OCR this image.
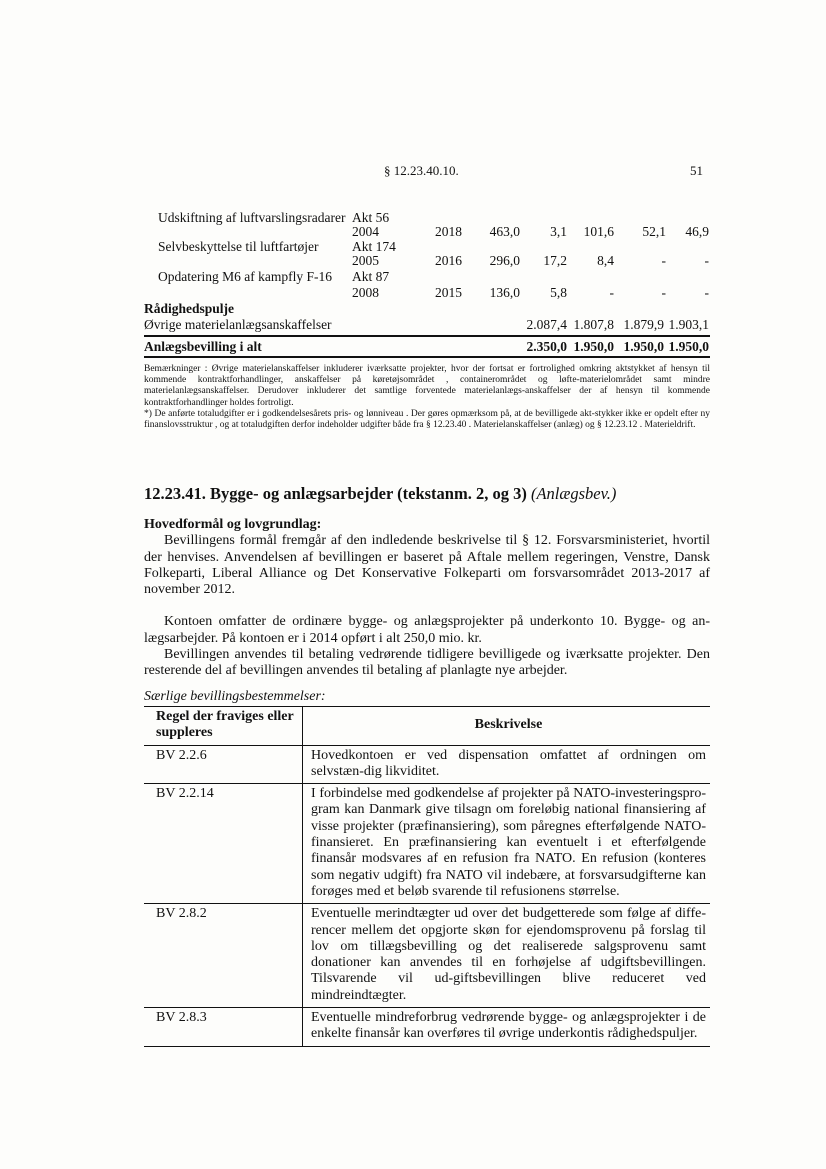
§ 12.23.40.10.	51
Udskiftning af luftvarslingsradarer Akt 56
2004	2018 463,0 3,1 101,6 52,1 46,9
Selvbeskyttelse til luftfartøjer Akt 174
2005	2016 296,0 17,2 8,4	-	-
Opdatering M6 af kampfly F-16 Akt 87
2008	2015 136,0 5,8	-	-	-
Rådighedspulje
Øvrige materielanlægsanskaffelser	2.087,4 1.807,8 1.879,9 1.903,1
Anlægsbevilling i alt	2.350,0 1.950,0 1.950,0 1.950,0

Bemærkninger : Øvrige materielanskaffelser inkluderer iværksatte projekter, hvor der fortsat er fortrolighed omkring aktstykket af hensyn til kommende kontraktforhandlinger, anskaffelser på køretøjsområdet , containerområdet og løfte-materielområdet samt mindre materielanlægsanskaffelser. Derudover inkluderer det samtlige forventede materielanlægs-anskaffelser der af hensyn til kommende kontraktforhandlinger holdes fortroligt.

*) De anførte totaludgifter er i godkendelsesårets pris- og lønniveau . Der gøres opmærksom på, at de bevilligede akt-stykker ikke er opdelt efter ny finanslovsstruktur , og at totaludgiften derfor indeholder udgifter både fra § 12.23.40 . Materielanskaffelser (anlæg) og § 12.23.12 . Materieldrift.

12.23.41. Bygge- og anlægsarbejder (tekstanm. 2, og 3) (Anlægsbev.)

Hovedformål og lovgrundlag:

Bevillingens formål fremgår af den indledende beskrivelse til § 12. Forsvarsministeriet, hvortil der henvises. Anvendelsen af bevillingen er baseret på Aftale mellem regeringen, Venstre, Dansk Folkeparti, Liberal Alliance og Det Konservative Folkeparti om forsvarsområdet 2013-2017 af november 2012.

Kontoen omfatter de ordinære bygge- og anlægsprojekter på underkonto 10. Bygge- og an-lægsarbejder. På kontoen er i 2014 opført i alt 250,0 mio. kr.

Bevillingen anvendes til betaling vedrørende tidligere bevilligede og iværksatte projekter. Den resterende del af bevillingen anvendes til betaling af planlagte nye arbejder.

Særlige bevillingsbestemmelser:
Regel der fraviges eller suppleres	Beskrivelse
BV 2.2.6	Hovedkontoen er ved dispensation omfattet af ordningen om selvstæn-dig likviditet.
BV 2.2.14	I forbindelse med godkendelse af projekter på NATO-investeringspro-gram kan Danmark give tilsagn om foreløbig national finansiering af visse projekter (præfinansiering), som påregnes efterfølgende NATO-finansieret. En præfinansiering kan eventuelt i et efterfølgende finansår modsvares af en refusion fra NATO. En refusion (konteres som negativ udgift) fra NATO vil indebære, at forsvarsudgifterne kan forøges med et beløb svarende til refusionens størrelse.
BV 2.8.2	Eventuelle merindtægter ud over det budgetterede som følge af diffe-rencer mellem det opgjorte skøn for ejendomsprovenu på forslag til lov om tillægsbevilling og det realiserede salgsprovenu samt donationer kan anvendes til en forhøjelse af udgiftsbevillingen. Tilsvarende vil ud-giftsbevillingen blive reduceret ved mindreindtægter.
BV 2.8.3	Eventuelle mindreforbrug vedrørende bygge- og anlægsprojekter i de enkelte finansår kan overføres til øvrige underkontis rådighedspuljer.
